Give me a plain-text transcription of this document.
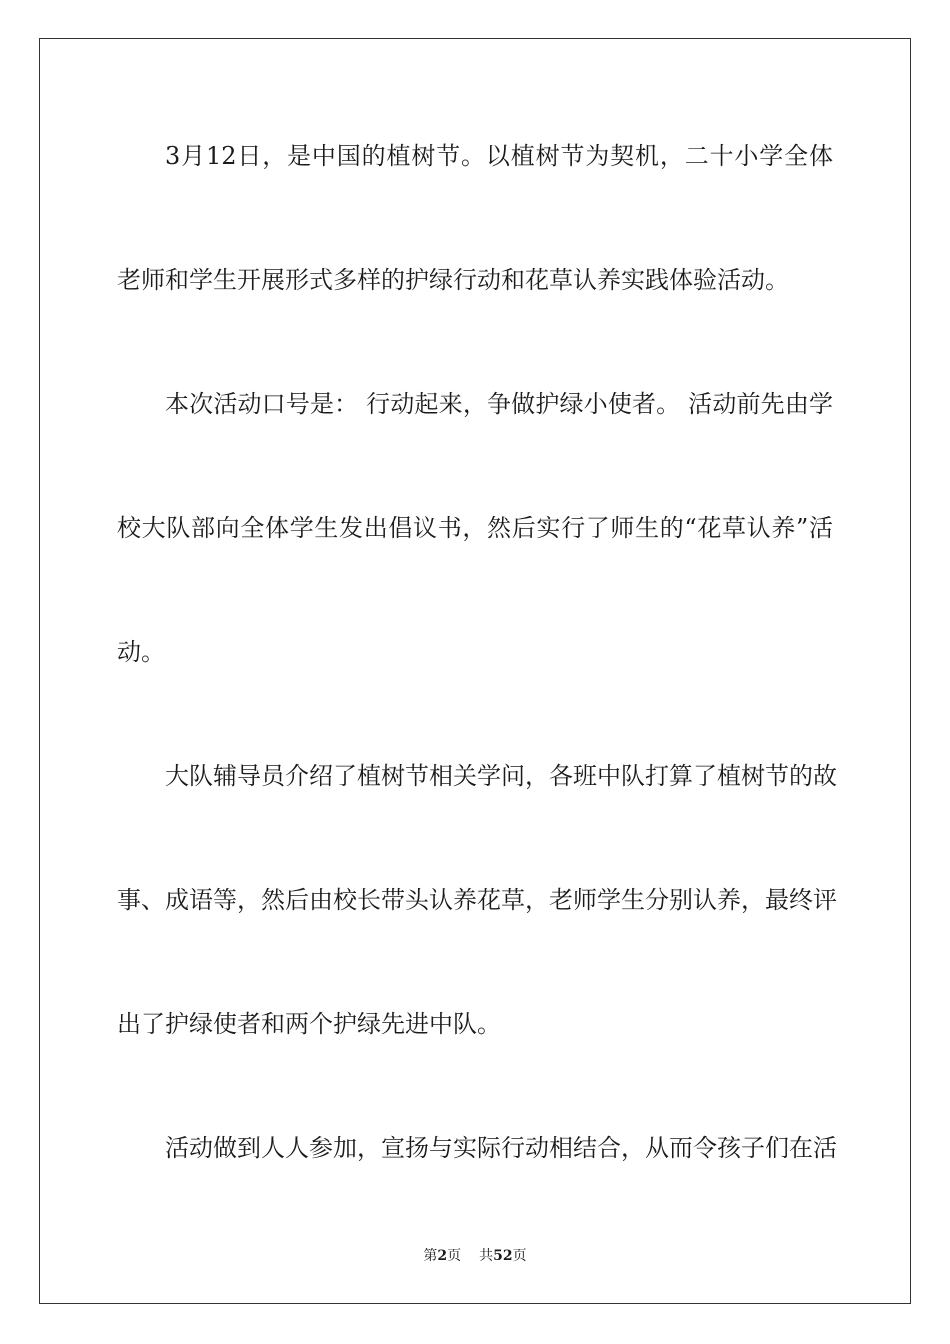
3月12日，是中国的植树节。以植树节为契机，二十小学全体
老师和学生开展形式多样的护绿行动和花草认养实践体验活动。
本次活动口号是： 行动起来，争做护绿小使者。 活动前先由学
校大队部向全体学生发出倡议书，然后实行了师生的“花草认养”活
动。
大队辅导员介绍了植树节相关学问，各班中队打算了植树节的故
事、成语等，然后由校长带头认养花草，老师学生分别认养，最终评
出了护绿使者和两个护绿先进中队。
活动做到人人参加，宣扬与实际行动相结合，从而令孩子们在活
第2页 共52页
